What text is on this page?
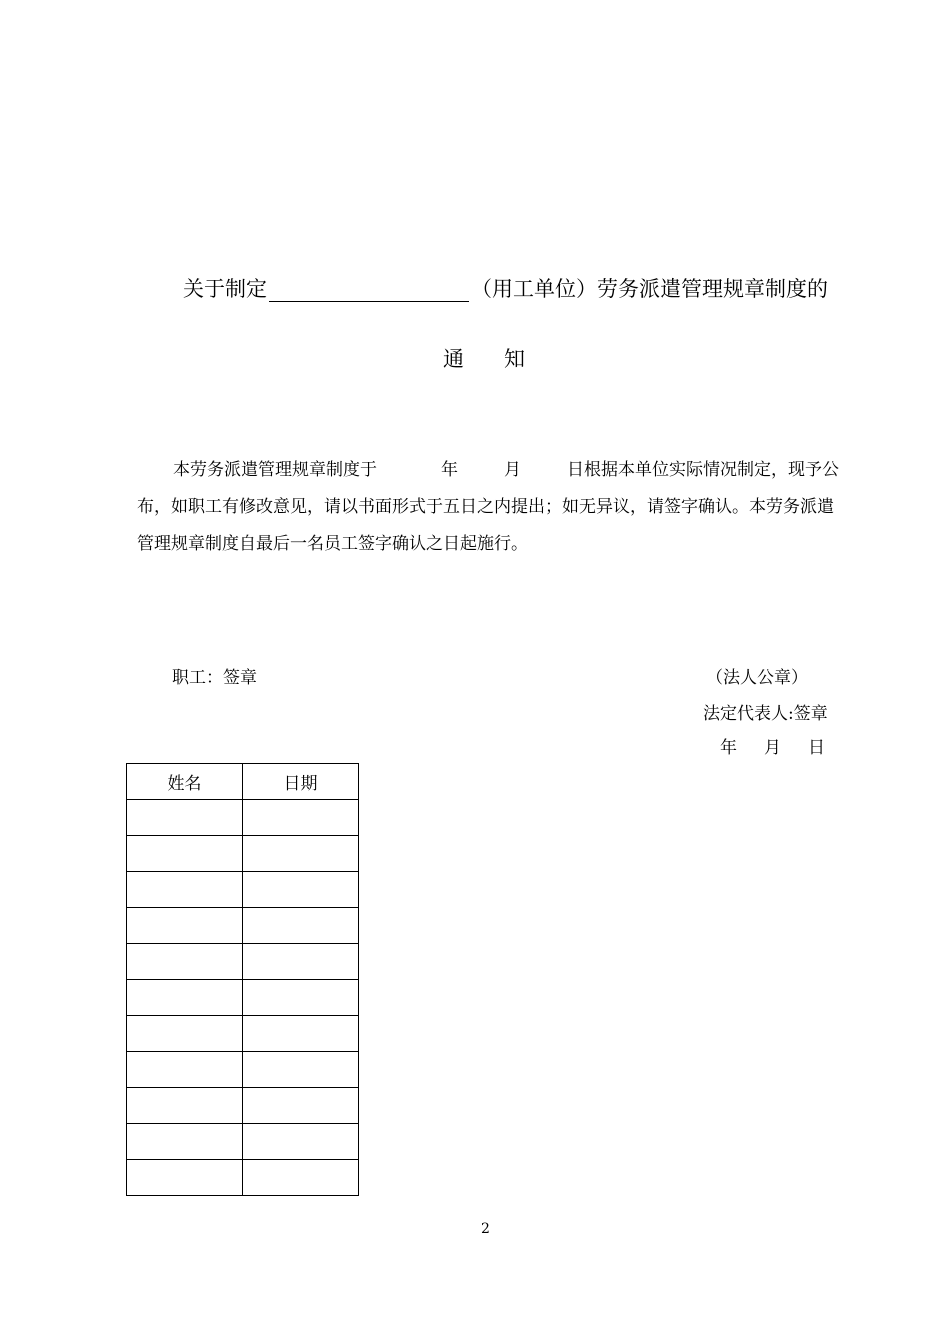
关于制定	（用工单位）劳务派遣管理规章制度的
通 知
本劳务派遣管理规章制度于	年	月	日根据本单位实际情况制定，现予公布，如职工有修改意见，请以书面形式于五日之内提出；如无异议，请签字确认。本劳务派遣管理规章制度自最后一名员工签字确认之日起施行。
职工：签章	（法人公章）
法定代表人:签章
年 月 日
姓名	日期

2
